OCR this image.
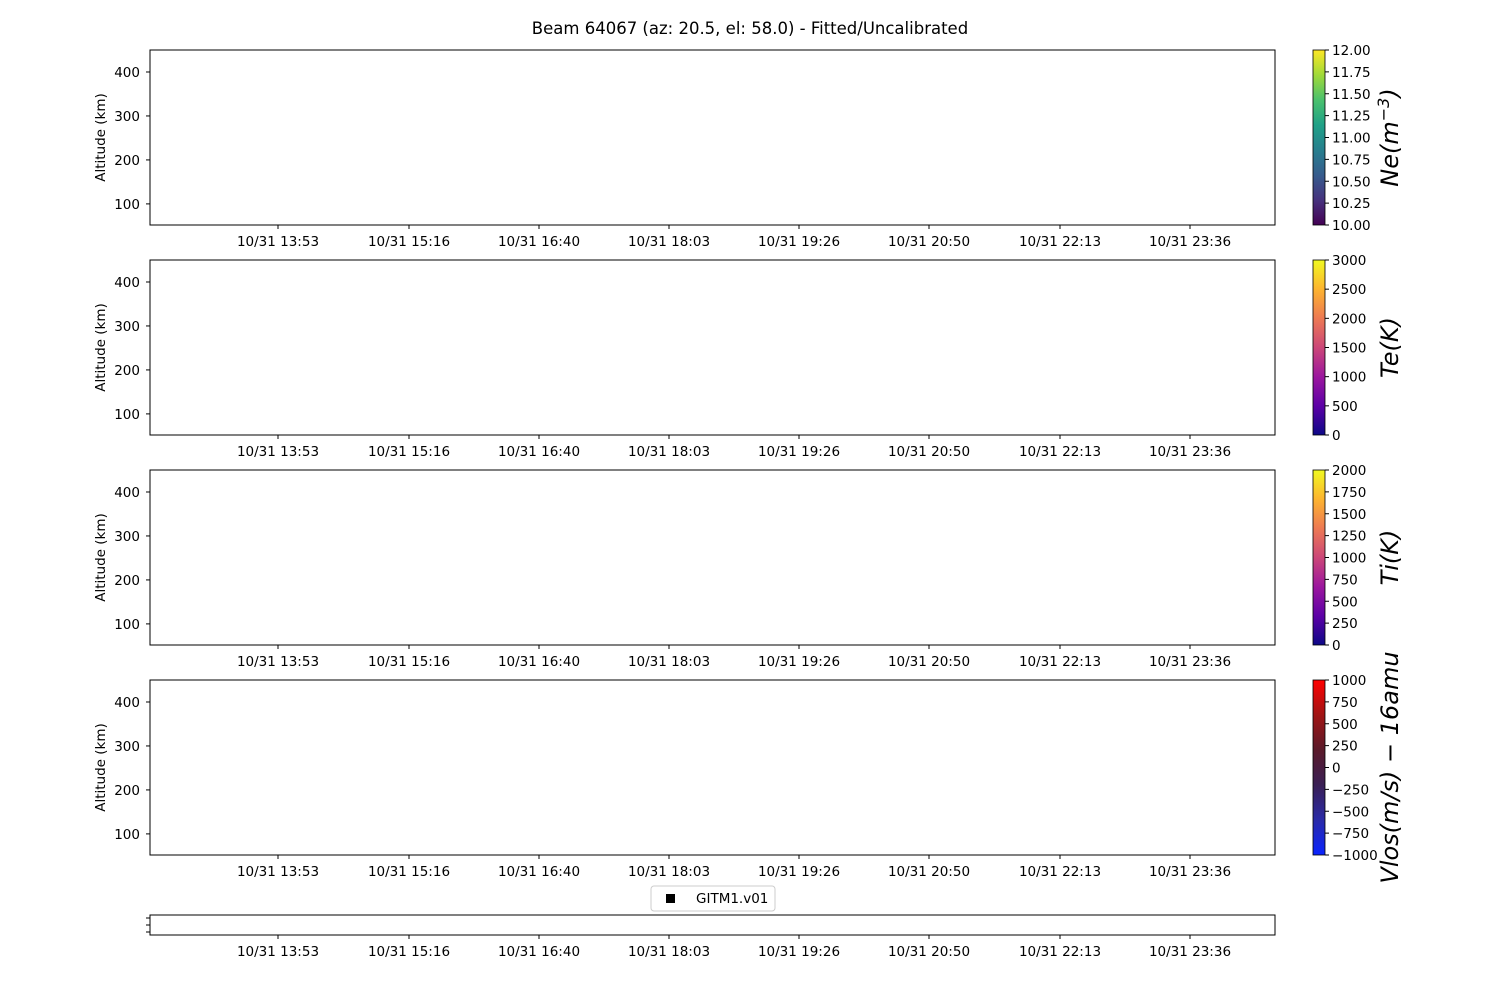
Beam 64067 (az: 20.5, el: 58.0) - Fitted/Uncalibrated
100
200
300
400
Altitude (km)
10/31 13:53	10/31 15:16	10/31 16:40	10/31 18:03	10/31 19:26	10/31 20:50	10/31 22:13	10/31 23:36
10.00
10.25
10.50
10.75
11.00
11.25
11.50
11.75
12.00
$Ne(m^{-3})$
100
200
300
400
Altitude (km)
10/31 13:53	10/31 15:16	10/31 16:40	10/31 18:03	10/31 19:26	10/31 20:50	10/31 22:13	10/31 23:36
0
500
1000
1500
2000
2500
3000
Te(K)
100
200
300
400
Altitude (km)
10/31 13:53	10/31 15:16	10/31 16:40	10/31 18:03	10/31 19:26	10/31 20:50	10/31 22:13	10/31 23:36
0
250
500
750
1000
1250
1500
1750
2000
Ti(K)
100
200
300
400
Altitude (km)
10/31 13:53	10/31 15:16	10/31 16:40	10/31 18:03	10/31 19:26	10/31 20:50	10/31 22:13	10/31 23:36
−1000
−750
−500
−250
0
250
500
750
1000 Vlos(m/s) − 16amu
10/31 13:53	10/31 15:16	10/31 16:40	10/31 18:03	10/31 19:26	10/31 20:50	10/31 22:13	10/31 23:36
GITM1.v01
